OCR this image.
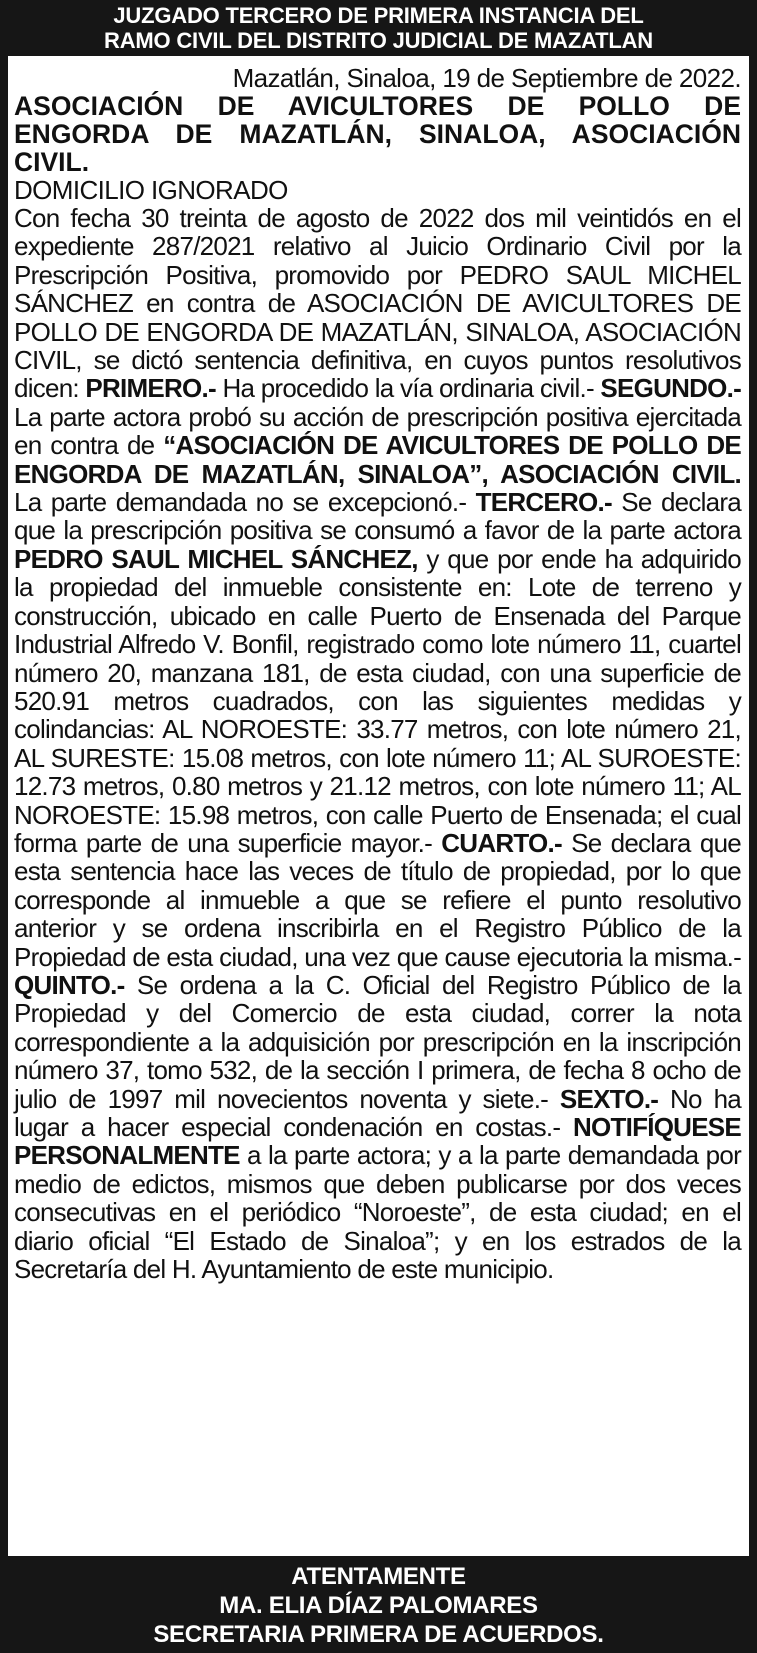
JUZGADO TERCERO DE PRIMERA INSTANCIA DEL
RAMO CIVIL DEL DISTRITO JUDICIAL DE MAZATLAN
Mazatlán, Sinaloa, 19 de Septiembre de 2022.
ASOCIACIÓN DE AVICULTORES DE POLLO DE ENGORDA DE MAZATLÁN, SINALOA, ASOCIACIÓN CIVIL.
DOMICILIO IGNORADO

Con fecha 30 treinta de agosto de 2022 dos mil veintidós en el expediente 287/2021 relativo al Juicio Ordinario Civil por la Prescripción Positiva, promovido por PEDRO SAUL MICHEL SÁNCHEZ en contra de ASOCIACIÓN DE AVICULTORES DE POLLO DE ENGORDA DE MAZATLÁN, SINALOA, ASOCIACIÓN CIVIL, se dictó sentencia definitiva, en cuyos puntos resolutivos dicen: PRIMERO.- Ha procedido la vía ordinaria civil.- SEGUNDO.- La parte actora probó su acción de prescripción positiva ejercitada en contra de “ASOCIACIÓN DE AVICULTORES DE POLLO DE ENGORDA DE MAZATLÁN, SINALOA”, ASOCIACIÓN CIVIL. La parte demandada no se excepcionó.- TERCERO.- Se declara que la prescripción positiva se consumó a favor de la parte actora PEDRO SAUL MICHEL SÁNCHEZ, y que por ende ha adquirido la propiedad del inmueble consistente en: Lote de terreno y construcción, ubicado en calle Puerto de Ensenada del Parque Industrial Alfredo V. Bonfil, registrado como lote número 11, cuartel número 20, manzana 181, de esta ciudad, con una superficie de 520.91 metros cuadrados, con las siguientes medidas y colindancias: AL NOROESTE: 33.77 metros, con lote número 21, AL SURESTE: 15.08 metros, con lote número 11; AL SUROESTE: 12.73 metros, 0.80 metros y 21.12 metros, con lote número 11; AL NOROESTE: 15.98 metros, con calle Puerto de Ensenada; el cual forma parte de una superficie mayor.- CUARTO.- Se declara que esta sentencia hace las veces de título de propiedad, por lo que corresponde al inmueble a que se refiere el punto resolutivo anterior y se ordena inscribirla en el Registro Público de la Propiedad de esta ciudad, una vez que cause ejecutoria la misma.- QUINTO.- Se ordena a la C. Oficial del Registro Público de la Propiedad y del Comercio de esta ciudad, correr la nota correspondiente a la adquisición por prescripción en la inscripción número 37, tomo 532, de la sección I primera, de fecha 8 ocho de julio de 1997 mil novecientos noventa y siete.- SEXTO.- No ha lugar a hacer especial condenación en costas.- NOTIFÍQUESE PERSONALMENTE a la parte actora; y a la parte demandada por medio de edictos, mismos que deben publicarse por dos veces consecutivas en el periódico “Noroeste”, de esta ciudad; en el diario oficial “El Estado de Sinaloa”; y en los estrados de la Secretaría del H. Ayuntamiento de este municipio.

ATENTAMENTE
MA. ELIA DÍAZ PALOMARES
SECRETARIA PRIMERA DE ACUERDOS.
